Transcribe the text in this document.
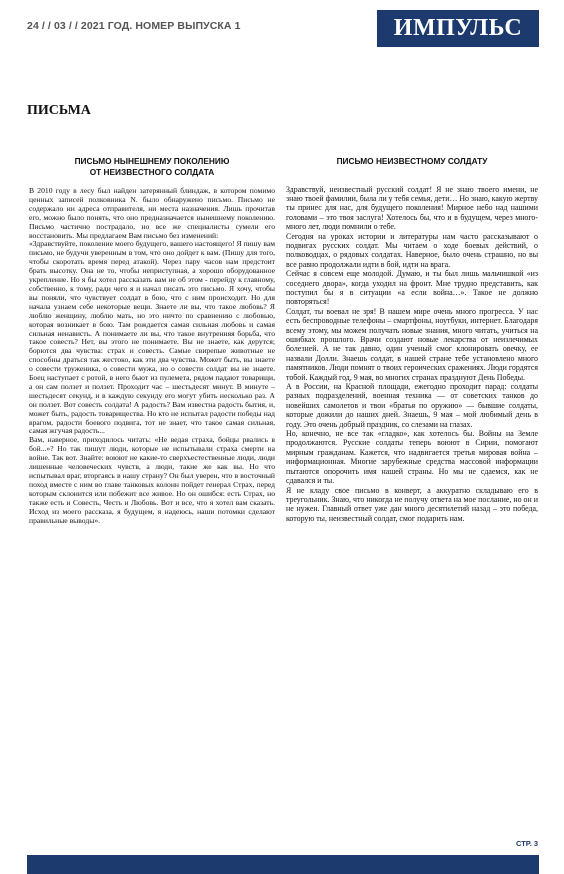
24 / / 03 / / 2021 ГОД. НОМЕР ВЫПУСКА 1	ИМПУЛЬС
ПИСЬМА
ПИСЬМО НЫНЕШНЕМУ ПОКОЛЕНИЮ
ОТ НЕИЗВЕСТНОГО СОЛДАТА

В 2010 году в лесу был найден затерянный блиндаж, в котором помимо ценных записей полковника N. было обнаружено письмо. Письмо не содержало ни адреса отправителя, ни места назначения. Лишь прочитав его, можно было понять, что оно предназначается нынешнему поколению. Письмо частично пострадало, но все же специалисты сумели его восстановить. Мы предлагаем Вам письмо без изменений:

«Здравствуйте, поколение моего будущего, вашего настоящего! Я пишу вам письмо, не будучи уверенным в том, что оно дойдет к вам. (Пишу для того, чтобы скоротать время перед атакой). Через пару часов нам предстоит брать высотку. Она не то, чтобы неприступная, а хорошо оборудованное укрепление. Но я бы хотел рассказать вам не об этом - перейду к главному, собственно, к тому, ради чего я и начал писать это письмо. Я хочу, чтобы вы поняли, что чувствует солдат в бою, что с ним происходит. Но для начала узнаем себе некоторые вещи. Знаете ли вы, что такое любовь? Я люблю женщину, люблю мать, но это ничто по сравнению с любовью, которая возникает в бою. Там рождается самая сильная любовь и самая сильная ненависть. А понимаете ли вы, что такое внутренняя борьба, что такое совесть? Нет, вы этого не понимаете. Вы не знаете, как дерутся; борются два чувства: страх и совесть. Самые свирепые животные не способны драться так жестоко, как эти два чувства. Может быть, вы знаете о совести труженика, о совести мужа, но о совести солдат вы не знаете. Боец наступает с ротой, в него бьют из пулемета, рядом падают товарищи, а он сам ползет и ползет. Проходит час – шестьдесят минут. В минуте – шестьдесят секунд, и в каждую секунду его могут убить несколько раз. А он ползет. Вот совесть солдата! А радость? Вам известна радость бытия, и, может быть, радость товарищества. Но кто не испытал радости победы над врагом, радости боевого подвига, тот не знает, что такое самая сильная, самая жгучая радость...

Вам, наверное, приходилось читать: «Не ведая страха, бойцы рвались в бой...»? Но так пишут люди, которые не испытывали страха смерти на войне. Так вот. Знайте: воюют не какие-то сверхъестественные люди, люди лишенные человеческих чувств, а люди, такие же как вы. Но что испытывал враг, вторгаясь в нашу страну? Он был уверен, что в восточный поход вместе с ним во главе танковых колонн пойдет генерал Страх, перед которым склонится или побежит все живое. Но он ошибся: есть Страх, но также есть и Совесть, Честь и Любовь. Вот и все, что я хотел вам сказать. Исход из моего рассказа, я будущем, я надеюсь, наши потомки сделают правильные выводы».

ПИСЬМО НЕИЗВЕСТНОМУ СОЛДАТУ

Здравствуй, неизвестный русский солдат! Я не знаю твоего имени, не знаю твоей фамилии, была ли у тебя семья, дети… Но знаю, какую жертву ты принес для нас, для будущего поколения! Мирное небо над нашими головами – это твоя заслуга! Хотелось бы, что и в будущем, через много-много лет, люди помнили о тебе.

Сегодня на уроках истории и литературы нам часто рассказывают о подвигах русских солдат. Мы читаем о ходе боевых действий, о полководцах, о рядовых солдатах. Наверное, было очень страшно, но вы все равно продолжали идти в бой, идти на врага.

Сейчас я совсем еще молодой. Думаю, и ты был лишь мальчишкой «из соседнего двора», когда уходил на фронт. Мне трудно представить, как поступил бы я в ситуации «а если война…». Такое не должно повторяться!

Солдат, ты воевал не зря! В нашем мире очень много прогресса. У нас есть беспроводные телефоны – смартфоны, ноутбуки, интернет. Благодаря всему этому, мы можем получать новые знания, много читать, учиться на ошибках прошлого. Врачи создают новые лекарства от неизлечимых болезней. А не так давно, один ученый смог клонировать овечку, ее назвали Долли. Знаешь солдат, в нашей стране тебе установлено много памятников. Люди помнят о твоих героических сражениях. Люди гордятся тобой. Каждый год, 9 мая, во многих странах празднуют День Победы.

А в России, на Красной площади, ежегодно проходит парад: солдаты разных подразделений, военная техника — от советских танков до новейших самолетов и твои «братья по оружию» — бывшие солдаты, которые дожили до наших дней. Знаешь, 9 мая – мой любимый день в году. Это очень добрый праздник, со слезами на глазах.

Но, конечно, не все так «гладко», как хотелось бы. Войны на Земле продолжаются. Русские солдаты теперь воюют в Сирии, помогают мирным гражданам. Кажется, что надвигается третья мировая война – информационная. Многие зарубежные средства массовой информации пытаются опорочить имя нашей страны. Но мы не сдаемся, как не сдавался и ты.

Я не кладу свое письмо в конверт, а аккуратно складываю его в треугольник. Знаю, что никогда не получу ответа на мое послание, но он и не нужен. Главный ответ уже дан много десятилетий назад – это победа, которую ты, неизвестный солдат, смог подарить нам.

СТР. 3
